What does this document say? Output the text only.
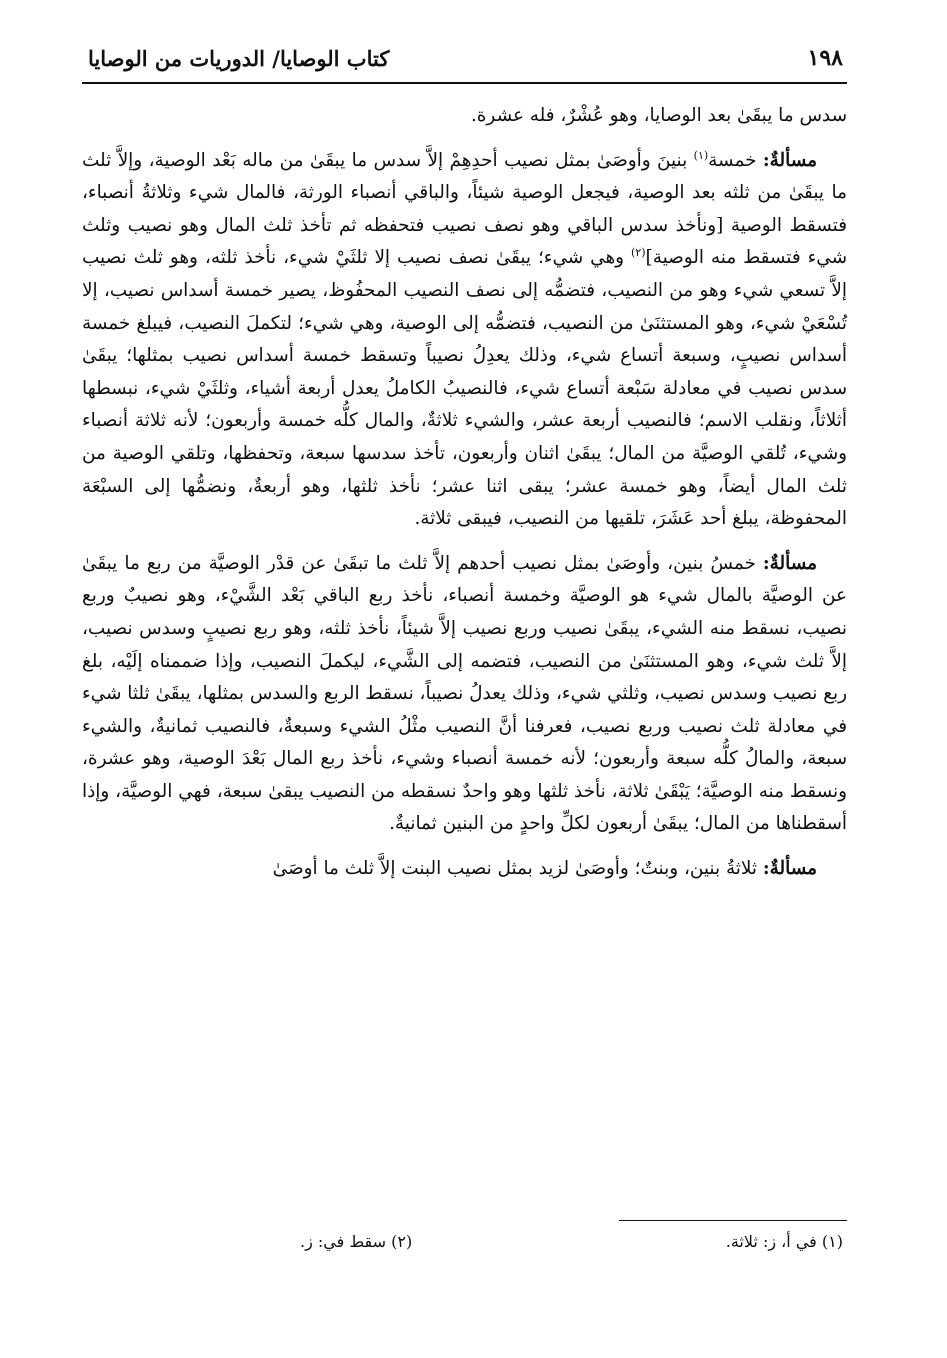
١٩٨
كتاب الوصايا/ الدوريات من الوصايا

سدس ما يبقَىٰ بعد الوصايا، وهو عُشْرٌ، فله عشرة.

مسألةٌ: خمسة$^{(١)}$ بنينَ وأوصَىٰ بمثل نصيب أحدِهِمْ إلاَّ سدس ما يبقَىٰ من ماله بَعْد الوصية، وإلاَّ ثلث ما يبقَىٰ من ثلثه بعد الوصية، فيجعل الوصية شيئاً، والباقي أنصباء الورثة، فالمال شيء وثلاثةُ أنصباء، فتسقط الوصية [ونأخذ سدس الباقي وهو نصف نصيب فتحفظه ثم تأخذ ثلث المال وهو نصيب وثلث شيء فتسقط منه الوصية]$^{(٢)}$ وهي شيء؛ يبقَىٰ نصف نصيب إلا ثلثَيْ شيء، نأخذ ثلثه، وهو ثلث نصيب إلاَّ تسعي شيء وهو من النصيب، فتضمُّه إلى نصف النصيب المحفُوظ، يصير خمسة أسداس نصيب، إلا تُسْعَيْ شيء، وهو المستثنَىٰ من النصيب، فتضمُّه إلى الوصية، وهي شيء؛ لتكملَ النصيب، فيبلغ خمسة أسداس نصيبٍ، وسبعة أتساع شيء، وذلك يعدِلُ نصيباً وتسقط خمسة أسداس نصيب بمثلها؛ يبقَىٰ سدس نصيب في معادلة سَبْعة أتساع شيء، فالنصيبُ الكاملُ يعدل أربعة أشياء، وثلثَيْ شيء، نبسطها أثلاثاً، ونقلب الاسم؛ فالنصيب أربعة عشر، والشيء ثلاثةٌ، والمال كلُّه خمسة وأربعون؛ لأنه ثلاثة أنصباء وشيء، تُلقي الوصيَّة من المال؛ يبقَىٰ اثنان وأربعون، تأخذ سدسها سبعة، وتحفظها، وتلقي الوصية من ثلث المال أيضاً، وهو خمسة عشر؛ يبقى اثنا عشر؛ نأخذ ثلثها، وهو أربعةٌ، ونضمُّها إلى السبْعَة المحفوظة، يبلغ أحد عَشَرَ، تلقيها من النصيب، فيبقى ثلاثة.

مسألةٌ: خمسُ بنين، وأوصَىٰ بمثل نصيب أحدهم إلاَّ ثلث ما تبقَىٰ عن قدْر الوصيَّة من ربع ما يبقَىٰ عن الوصيَّة بالمال شيء هو الوصيَّة وخمسة أنصباء، نأخذ ربع الباقي بَعْد الشَّيْء، وهو نصيبٌ وربع نصيب، نسقط منه الشيء، يبقَىٰ نصيب وربع نصيب إلاَّ شيئاً، نأخذ ثلثه، وهو ربع نصيبٍ وسدس نصيب، إلاَّ ثلث شيء، وهو المستثنَىٰ من النصيب، فتضمه إلى الشَّيء، ليكملَ النصيب، وإذا ضممناه إلَيْه، بلغ ربع نصيب وسدس نصيب، وثلثي شيء، وذلك يعدلُ نصيباً، نسقط الربع والسدس بمثلها، يبقَىٰ ثلثا شيء في معادلة ثلث نصيب وربع نصيب، فعرفنا أنَّ النصيب مثْلُ الشيء وسبعةٌ، فالنصيب ثمانيةٌ، والشيء سبعة، والمالُ كلُّه سبعة وأربعون؛ لأنه خمسة أنصباء وشيء، نأخذ ربع المال بَعْدَ الوصية، وهو عشرة، ونسقط منه الوصيَّة؛ يَبْقَىٰ ثلاثة، نأخذ ثلثها وهو واحدٌ نسقطه من النصيب يبقىٰ سبعة، فهي الوصيَّة، وإذا أسقطناها من المال؛ يبقَىٰ أربعون لكلِّ واحدٍ من البنين ثمانيةٌ.

مسألةٌ: ثلاثةُ بنين، وبنتٌ؛ وأوصَىٰ لزيد بمثل نصيب البنت إلاَّ ثلث ما أوصَىٰ

(١) في أ، ز: ثلاثة.
(٢) سقط في: ز.
